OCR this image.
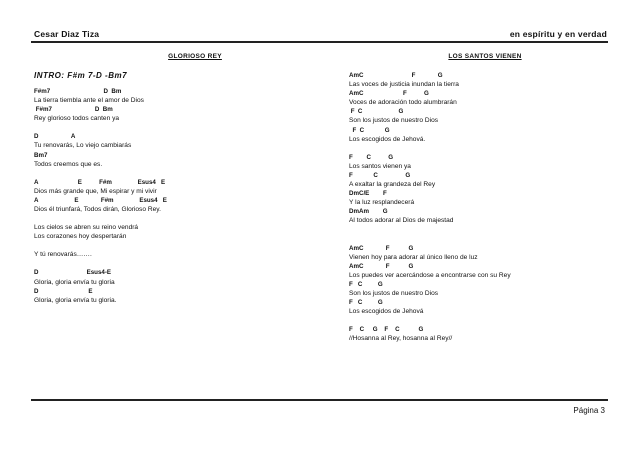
Cesar Diaz Tiza	en espíritu y en verdad
GLORIOSO REY
INTRO: F#m 7-D -Bm7
F#m7                               D  Bm
La tierra tiembla ante el amor de Dios
F#m7                         D  Bm
Rey glorioso todos canten ya
D                   A
Tu renovarás, Lo viejo cambiarás
Bm7
Todos creemos que es.
A                       E          F#m               Esus4   E
Dios más grande que, Mi espirar y mi vivir
A                     E             F#m               Esus4   E
Dios él triunfará, Todos dirán, Glorioso Rey.
Los cielos se abren su reino vendrá
Los corazones hoy despertarán
Y tú renovarás…….
D                            Esus4-E
Gloria, gloria envía tu gloria
D                             E
Gloria, gloria envía tu gloria.
LOS SANTOS VIENEN
AmC                            F             G
Las voces de justicia inundan la tierra
AmC                       F          G
Voces de adoración todo alumbrarán
F  C                     G
Son los justos de nuestro Dios
F  C            G
Los escogidos de Jehová.
F        C          G
Los santos vienen ya
F            C                G
A exaltar la grandeza del Rey
DmC/E        F
Y la luz resplandecerá
DmAm        G
Al todos adorar al Dios de majestad
AmC             F           G
Vienen hoy para adorar al único lleno de luz
AmC             F           G
Los puedes ver acercándose a encontrarse con su Rey
F   C         G
Son los justos de nuestro Dios
F   C         G
Los escogidos de Jehová
F    C     G    F    C           G
//Hosanna al Rey, hosanna al Rey//
Página 3
